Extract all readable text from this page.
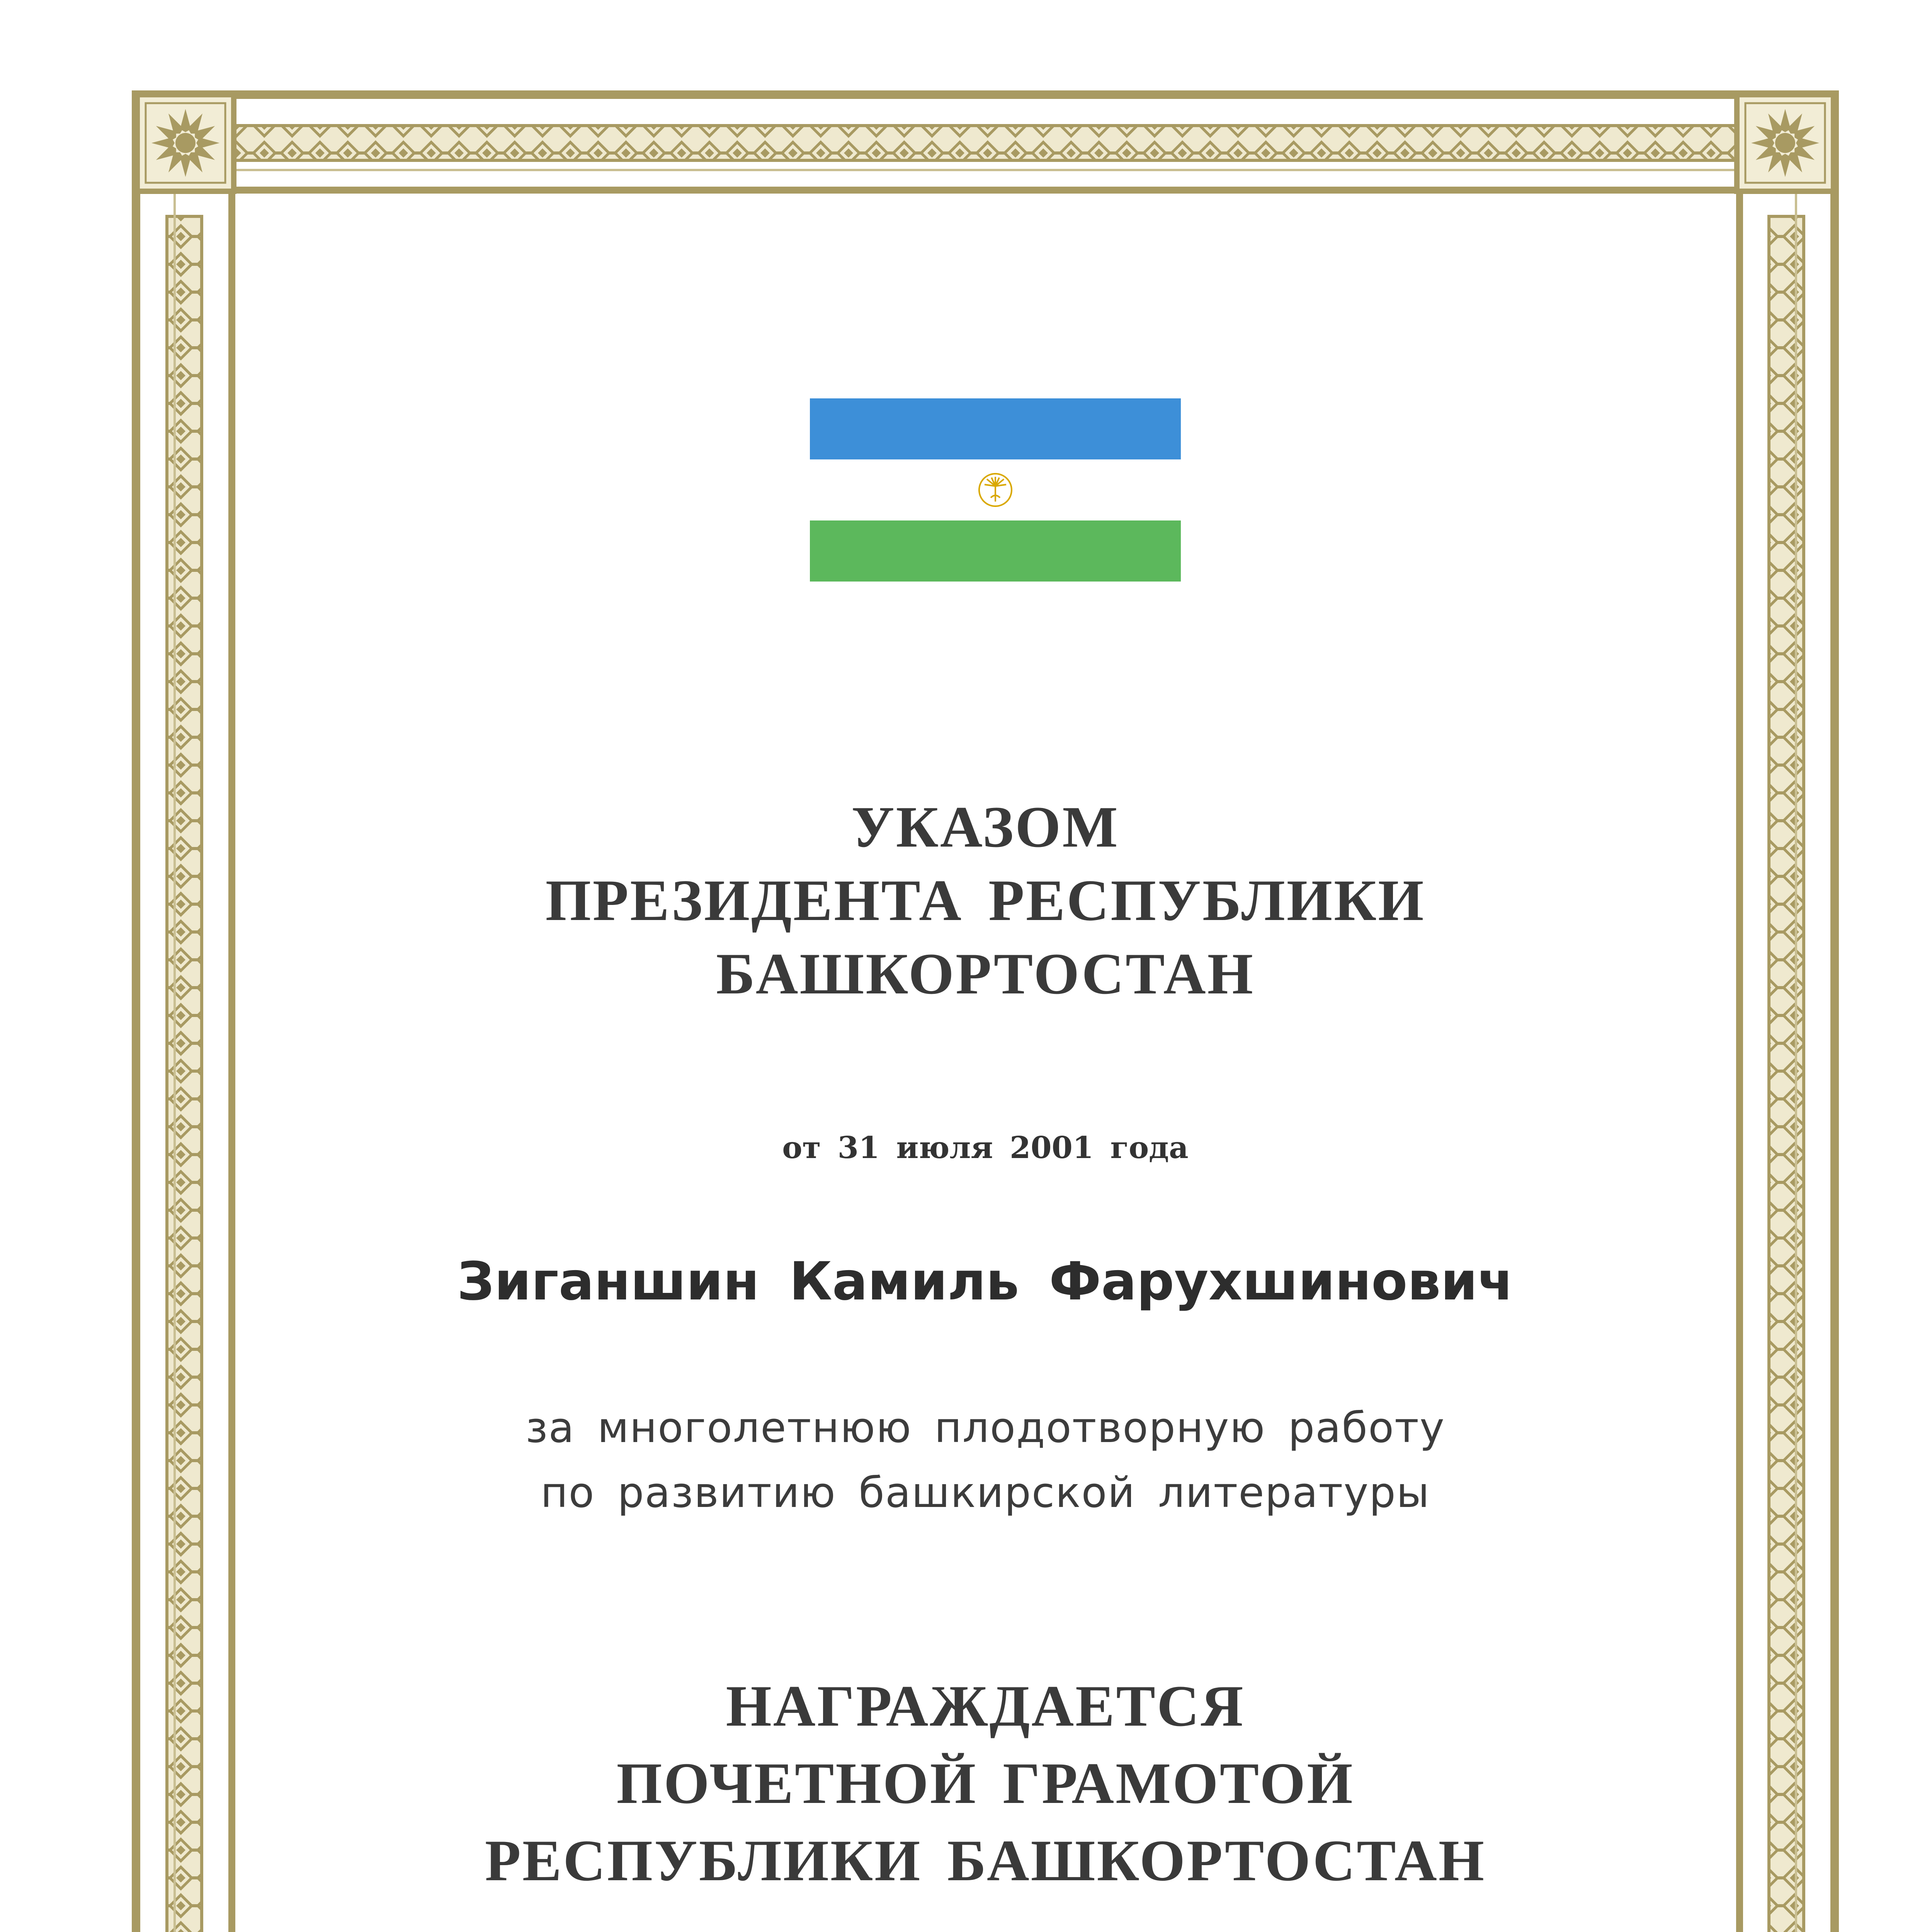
УКАЗОМ
ПРЕЗИДЕНТА РЕСПУБЛИКИ
БАШКОРТОСТАН

от 31 июля 2001 года

Зиганшин Камиль Фарухшинович

за многолетнюю плодотворную работу

по развитию башкирской литературы

НАГРАЖДАЕТСЯ
ПОЧЕТНОЙ ГРАМОТОЙ
РЕСПУБЛИКИ БАШКОРТОСТАН
